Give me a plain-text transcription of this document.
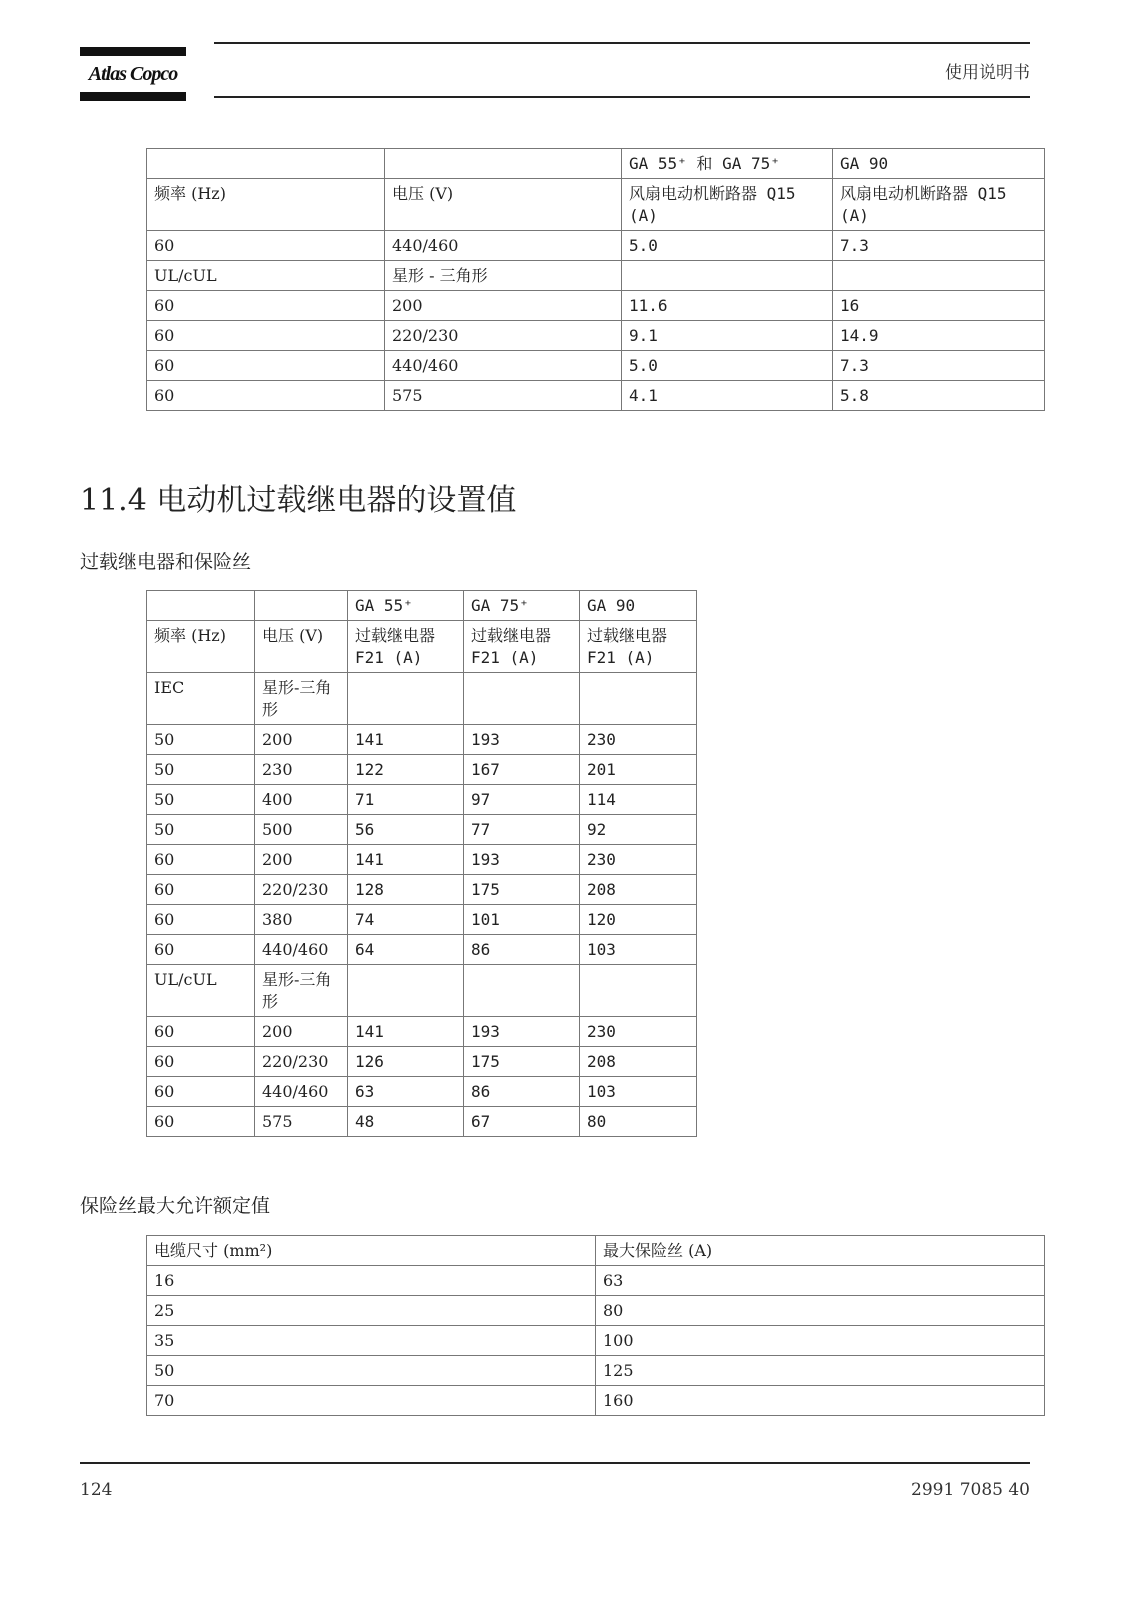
Atlas Copco	使用说明书
		GA 55⁺ 和 GA 75⁺	GA 90
频率 (Hz)	电压 (V)	风扇电动机断路器 Q15 (A)	风扇电动机断路器 Q15 (A)
60	440/460	5.0	7.3
UL/cUL	星形 - 三角形		
60	200	11.6	16
60	220/230	9.1	14.9
60	440/460	5.0	7.3
60	575	4.1	5.8
11.4 电动机过载继电器的设置值
过载继电器和保险丝
		GA 55⁺	GA 75⁺	GA 90
频率 (Hz)	电压 (V)	过载继电器 F21 (A)	过载继电器 F21 (A)	过载继电器 F21 (A)
IEC	星形-三角形			
50	200	141	193	230
50	230	122	167	201
50	400	71	97	114
50	500	56	77	92
60	200	141	193	230
60	220/230	128	175	208
60	380	74	101	120
60	440/460	64	86	103
UL/cUL	星形-三角形			
60	200	141	193	230
60	220/230	126	175	208
60	440/460	63	86	103
60	575	48	67	80
保险丝最大允许额定值
电缆尺寸 (mm²)	最大保险丝 (A)
16	63
25	80
35	100
50	125
70	160
124	2991 7085 40
